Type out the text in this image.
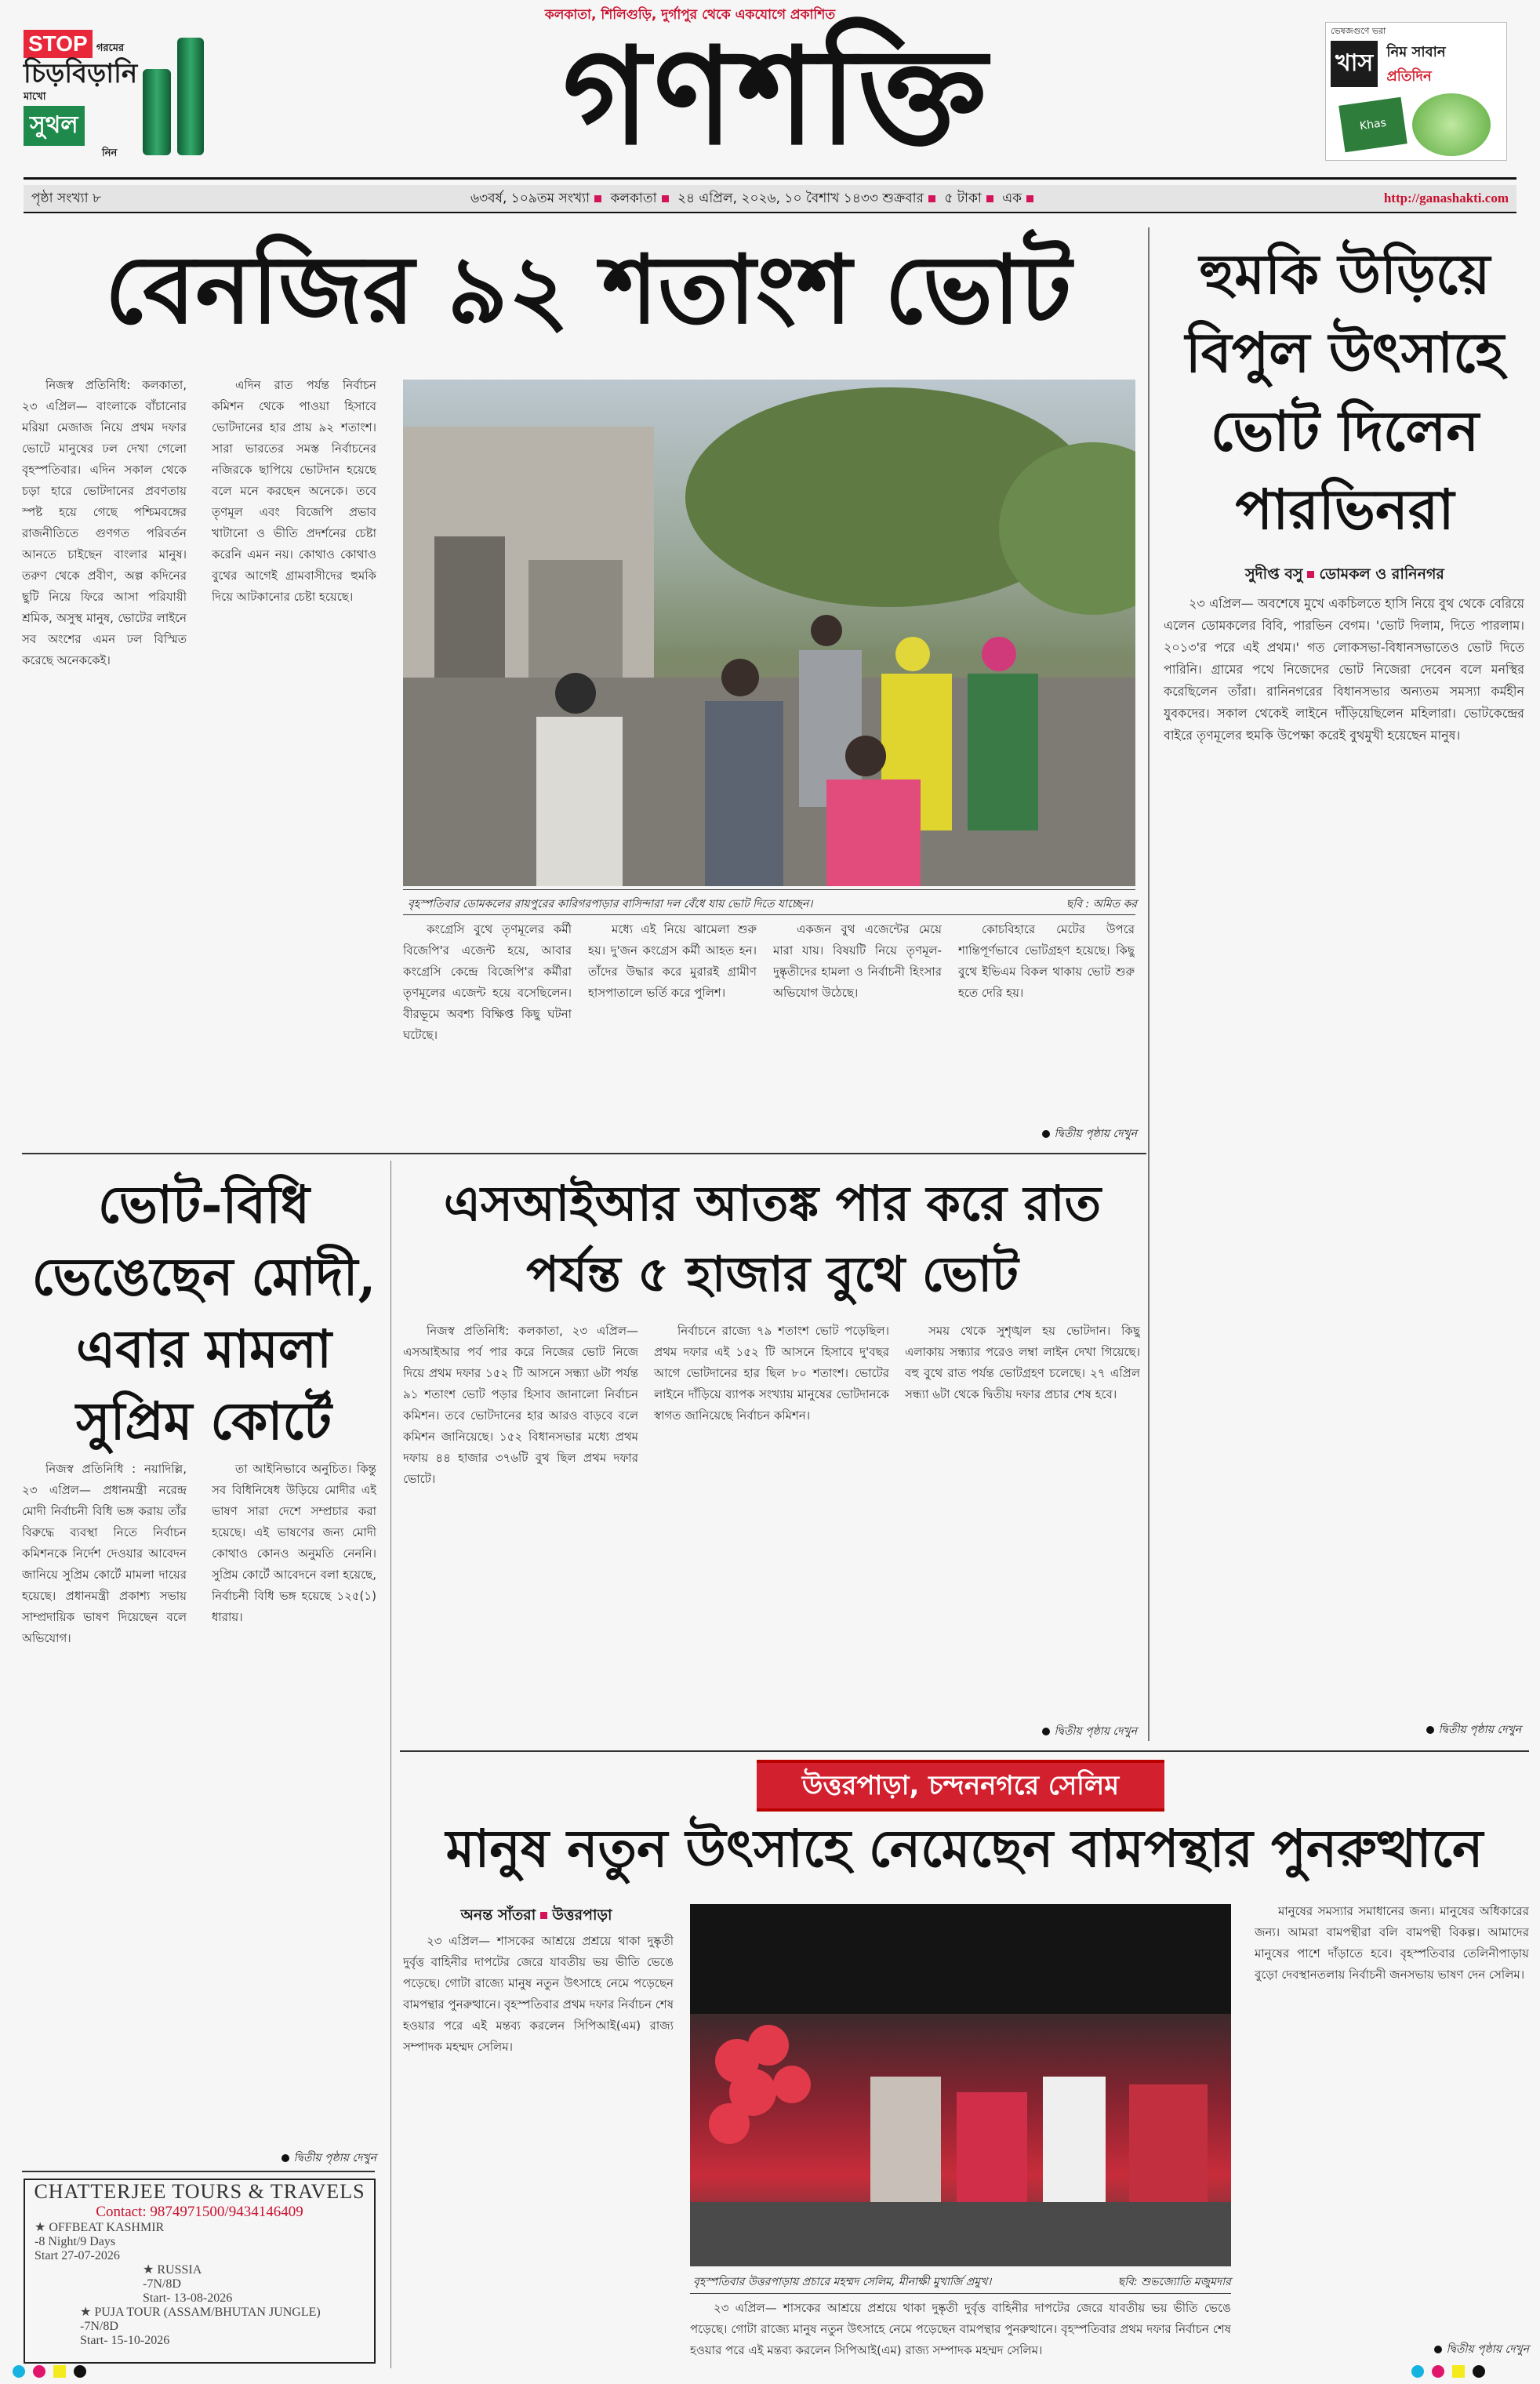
কলকাতা, শিলিগুড়ি, দুর্গাপুর থেকে একযোগে প্রকাশিত
গণশক্তি
STOP গরমের
চিড়বিড়ানি
মাখো
সুথল
নিন
ভেষজগুণে ভরা
খাস নিম সাবান
প্রতিদিন
Khas
পৃষ্ঠা সংখ্যা ৮	৬৩বর্ষ, ১০৯তম সংখ্যা কলকাতা ২৪ এপ্রিল, ২০২৬, ১০ বৈশাখ ১৪৩৩ শুক্রবার ৫ টাকা এক	http://ganashakti.com
বেনজির ৯২ শতাংশ ভোট

নিজস্ব প্রতিনিধি: কলকাতা, ২৩ এপ্রিল— বাংলাকে বাঁচানোর মরিয়া মেজাজ নিয়ে প্রথম দফার ভোটে মানুষের ঢল দেখা গেলো বৃহস্পতিবার। এদিন সকাল থেকে চড়া হারে ভোটদানের প্রবণতায় স্পষ্ট হয়ে গেছে পশ্চিমবঙ্গের রাজনীতিতে গুণগত পরিবর্তন আনতে চাইছেন বাংলার মানুষ। তরুণ থেকে প্রবীণ, অল্প কদিনের ছুটি নিয়ে ফিরে আসা পরিযায়ী শ্রমিক, অসুস্থ মানুষ, ভোটের লাইনে সব অংশের এমন ঢল বিস্মিত করেছে অনেককেই।

এদিন রাত পর্যন্ত নির্বাচন কমিশন থেকে পাওয়া হিসাবে ভোটদানের হার প্রায় ৯২ শতাংশ। সারা ভারতের সমস্ত নির্বাচনের নজিরকে ছাপিয়ে ভোটদান হয়েছে বলে মনে করছেন অনেকে। তবে তৃণমূল এবং বিজেপি প্রভাব খাটানো ও ভীতি প্রদর্শনের চেষ্টা করেনি এমন নয়। কোথাও কোথাও বুথের আগেই গ্রামবাসীদের হুমকি দিয়ে আটকানোর চেষ্টা হয়েছে।

বৃহস্পতিবার ডোমকলের রায়পুরের কারিগরপাড়ার বাসিন্দারা দল বেঁধে যায় ভোট দিতে যাচ্ছেন।	ছবি : অমিত কর

কংগ্রেসি বুথে তৃণমূলের কর্মী বিজেপি'র এজেন্ট হয়ে, আবার কংগ্রেসি কেন্দ্রে বিজেপি'র কর্মীরা তৃণমূলের এজেন্ট হয়ে বসেছিলেন। বীরভূমে অবশ্য বিক্ষিপ্ত কিছু ঘটনা ঘটেছে।

মধ্যে এই নিয়ে ঝামেলা শুরু হয়। দু'জন কংগ্রেস কর্মী আহত হন। তাঁদের উদ্ধার করে মুরারই গ্রামীণ হাসপাতালে ভর্তি করে পুলিশ।

একজন বুথ এজেন্টের মেয়ে মারা যায়। বিষয়টি নিয়ে তৃণমূল-দুষ্কৃতীদের হামলা ও নির্বাচনী হিংসার অভিযোগ উঠেছে।

কোচবিহারে মেটের উপরে শান্তিপূর্ণভাবে ভোটগ্রহণ হয়েছে। কিছু বুথে ইভিএম বিকল থাকায় ভোট শুরু হতে দেরি হয়।

দ্বিতীয় পৃষ্ঠায় দেখুন
হুমকি উড়িয়ে বিপুল উৎসাহে ভোট দিলেন পারভিনরা
সুদীপ্ত বসু ডোমকল ও রানিনগর

২৩ এপ্রিল— অবশেষে মুখে একচিলতে হাসি নিয়ে বুথ থেকে বেরিয়ে এলেন ডোমকলের বিবি, পারভিন বেগম। 'ভোট দিলাম, দিতে পারলাম। ২০১৩'র পরে এই প্রথম।' গত লোকসভা-বিধানসভাতেও ভোট দিতে পারিনি। গ্রামের পথে নিজেদের ভোট নিজেরা দেবেন বলে মনস্থির করেছিলেন তাঁরা। রানিনগরের বিধানসভার অন্যতম সমস্যা কর্মহীন যুবকদের। সকাল থেকেই লাইনে দাঁড়িয়েছিলেন মহিলারা। ভোটকেন্দ্রের বাইরে তৃণমূলের হুমকি উপেক্ষা করেই বুথমুখী হয়েছেন মানুষ।

দ্বিতীয় পৃষ্ঠায় দেখুন
ভোট-বিধি ভেঙেছেন মোদী, এবার মামলা সুপ্রিম কোর্টে

নিজস্ব প্রতিনিধি : নয়াদিল্লি, ২৩ এপ্রিল— প্রধানমন্ত্রী নরেন্দ্র মোদী নির্বাচনী বিধি ভঙ্গ করায় তাঁর বিরুদ্ধে ব্যবস্থা নিতে নির্বাচন কমিশনকে নির্দেশ দেওয়ার আবেদন জানিয়ে সুপ্রিম কোর্টে মামলা দায়ের হয়েছে। প্রধানমন্ত্রী প্রকাশ্য সভায় সাম্প্রদায়িক ভাষণ দিয়েছেন বলে অভিযোগ।

তা আইনিভাবে অনুচিত। কিন্তু সব বিধিনিষেধ উড়িয়ে মোদীর এই ভাষণ সারা দেশে সম্প্রচার করা হয়েছে। এই ভাষণের জন্য মোদী কোথাও কোনও অনুমতি নেননি। সুপ্রিম কোর্টে আবেদনে বলা হয়েছে, নির্বাচনী বিধি ভঙ্গ হয়েছে ১২৫(১) ধারায়।

দ্বিতীয় পৃষ্ঠায় দেখুন
এসআইআর আতঙ্ক পার করে রাত পর্যন্ত ৫ হাজার বুথে ভোট

নিজস্ব প্রতিনিধি: কলকাতা, ২৩ এপ্রিল— এসআইআর পর্ব পার করে নিজের ভোট নিজে দিয়ে প্রথম দফার ১৫২ টি আসনে সন্ধ্যা ৬টা পর্যন্ত ৯১ শতাংশ ভোট পড়ার হিসাব জানালো নির্বাচন কমিশন। তবে ভোটদানের হার আরও বাড়বে বলে কমিশন জানিয়েছে। ১৫২ বিধানসভার মধ্যে প্রথম দফায় ৪৪ হাজার ৩৭৬টি বুথ ছিল প্রথম দফার ভোটে।

নির্বাচনে রাজ্যে ৭৯ শতাংশ ভোট পড়েছিল। প্রথম দফার এই ১৫২ টি আসনে হিসাবে দু'বছর আগে ভোটদানের হার ছিল ৮০ শতাংশ। ভোটের লাইনে দাঁড়িয়ে ব্যাপক সংখ্যায় মানুষের ভোটদানকে স্বাগত জানিয়েছে নির্বাচন কমিশন।

সময় থেকে সুশৃঙ্খল হয় ভোটদান। কিছু এলাকায় সন্ধ্যার পরেও লম্বা লাইন দেখা গিয়েছে। বহু বুথে রাত পর্যন্ত ভোটগ্রহণ চলেছে। ২৭ এপ্রিল সন্ধ্যা ৬টা থেকে দ্বিতীয় দফার প্রচার শেষ হবে।

দ্বিতীয় পৃষ্ঠায় দেখুন
উত্তরপাড়া, চন্দননগরে সেলিম
মানুষ নতুন উৎসাহে নেমেছেন বামপন্থার পুনরুত্থানে
অনন্ত সাঁতরা উত্তরপাড়া

২৩ এপ্রিল— শাসকের আশ্রয়ে প্রশ্রয়ে থাকা দুষ্কৃতী দুর্বৃত্ত বাহিনীর দাপটের জেরে যাবতীয় ভয় ভীতি ভেঙে পড়েছে। গোটা রাজ্যে মানুষ নতুন উৎসাহে নেমে পড়েছেন বামপন্থার পুনরুত্থানে। বৃহস্পতিবার প্রথম দফার নির্বাচন শেষ হওয়ার পরে এই মন্তব্য করলেন সিপিআই(এম) রাজ্য সম্পাদক মহম্মদ সেলিম।

বৃহস্পতিবার উত্তরপাড়ায় প্রচারে মহম্মদ সেলিম, মীনাক্ষী মুখার্জি প্রমুখ।	ছবি: শুভজ্যোতি মজুমদার

২৩ এপ্রিল— শাসকের আশ্রয়ে প্রশ্রয়ে থাকা দুষ্কৃতী দুর্বৃত্ত বাহিনীর দাপটের জেরে যাবতীয় ভয় ভীতি ভেঙে পড়েছে। গোটা রাজ্যে মানুষ নতুন উৎসাহে নেমে পড়েছেন বামপন্থার পুনরুত্থানে। বৃহস্পতিবার প্রথম দফার নির্বাচন শেষ হওয়ার পরে এই মন্তব্য করলেন সিপিআই(এম) রাজ্য সম্পাদক মহম্মদ সেলিম।

মানুষের সমস্যার সমাধানের জন্য। মানুষের অধিকারের জন্য। আমরা বামপন্থীরা বলি বামপন্থী বিকল্প। আমাদের মানুষের পাশে দাঁড়াতে হবে। বৃহস্পতিবার তেলিনীপাড়ায় বুড়ো দেবস্থানতলায় নির্বাচনী জনসভায় ভাষণ দেন সেলিম।

দ্বিতীয় পৃষ্ঠায় দেখুন
CHATTERJEE TOURS & TRAVELS
Contact: 9874971500/9434146409
★ OFFBEAT KASHMIR
-8 Night/9 Days
Start 27-07-2026
★ RUSSIA
-7N/8D
Start- 13-08-2026
★ PUJA TOUR (ASSAM/BHUTAN JUNGLE)
-7N/8D
Start- 15-10-2026
